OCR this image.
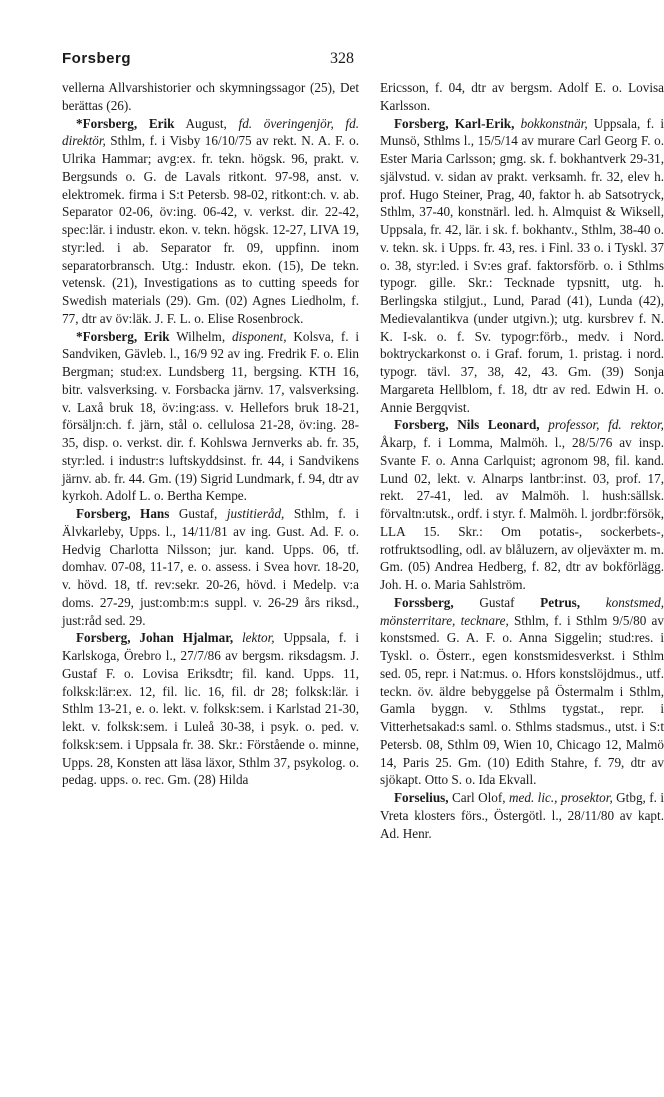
Forsberg	328

vellerna Allvarshistorier och skymningssagor (25), Det berättas (26).

*Forsberg, Erik August, fd. överingenjör, fd. direktör, Sthlm, f. i Visby 16/10/75 av rekt. N. A. F. o. Ulrika Hammar; avg:ex. fr. tekn. högsk. 96, prakt. v. Bergsunds o. G. de Lavals ritkont. 97-98, anst. v. elektromek. firma i S:t Petersb. 98-02, ritkont:ch. v. ab. Separator 02-06, öv:ing. 06-42, v. verkst. dir. 22-42, spec:lär. i industr. ekon. v. tekn. högsk. 12-27, LIVA 19, styr:led. i ab. Separator fr. 09, uppfinn. inom separatorbransch. Utg.: Industr. ekon. (15), De tekn. vetensk. (21), Investigations as to cutting speeds for Swedish materials (29). Gm. (02) Agnes Liedholm, f. 77, dtr av öv:läk. J. F. L. o. Elise Rosenbrock.

*Forsberg, Erik Wilhelm, disponent, Kolsva, f. i Sandviken, Gävleb. l., 16/9 92 av ing. Fredrik F. o. Elin Bergman; stud:ex. Lundsberg 11, bergsing. KTH 16, bitr. valsverksing. v. Forsbacka järnv. 17, valsverksing. v. Laxå bruk 18, öv:ing:ass. v. Hellefors bruk 18-21, försäljn:ch. f. järn, stål o. cellulosa 21-28, öv:ing. 28-35, disp. o. verkst. dir. f. Kohlswa Jernverks ab. fr. 35, styr:led. i industr:s luftskyddsinst. fr. 44, i Sandvikens järnv. ab. fr. 44. Gm. (19) Sigrid Lundmark, f. 94, dtr av kyrkoh. Adolf L. o. Bertha Kempe.

Forsberg, Hans Gustaf, justitieråd, Sthlm, f. i Älvkarleby, Upps. l., 14/11/81 av ing. Gust. Ad. F. o. Hedvig Charlotta Nilsson; jur. kand. Upps. 06, tf. domhav. 07-08, 11-17, e. o. assess. i Svea hovr. 18-20, v. hövd. 18, tf. rev:sekr. 20-26, hövd. i Medelp. v:a doms. 27-29, just:omb:m:s suppl. v. 26-29 års riksd., just:råd sed. 29.

Forsberg, Johan Hjalmar, lektor, Uppsala, f. i Karlskoga, Örebro l., 27/7/86 av bergsm. riksdagsm. J. Gustaf F. o. Lovisa Eriksdtr; fil. kand. Upps. 11, folksk:lär:ex. 12, fil. lic. 16, fil. dr 28; folksk:lär. i Sthlm 13-21, e. o. lekt. v. folksk:sem. i Karlstad 21-30, lekt. v. folksk:sem. i Luleå 30-38, i psyk. o. ped. v. folksk:sem. i Uppsala fr. 38. Skr.: Förstående o. minne, Upps. 28, Konsten att läsa läxor, Sthlm 37, psykolog. o. pedag. upps. o. rec. Gm. (28) Hilda

Ericsson, f. 04, dtr av bergsm. Adolf E. o. Lovisa Karlsson.

Forsberg, Karl-Erik, bokkonstnär, Uppsala, f. i Munsö, Sthlms l., 15/5/14 av murare Carl Georg F. o. Ester Maria Carlsson; gmg. sk. f. bokhantverk 29-31, självstud. v. sidan av prakt. verksamh. fr. 32, elev h. prof. Hugo Steiner, Prag, 40, faktor h. ab Satsotryck, Sthlm, 37-40, konstnärl. led. h. Almquist & Wiksell, Uppsala, fr. 42, lär. i sk. f. bokhantv., Sthlm, 38-40 o. v. tekn. sk. i Upps. fr. 43, res. i Finl. 33 o. i Tyskl. 37 o. 38, styr:led. i Sv:es graf. faktorsförb. o. i Sthlms typogr. gille. Skr.: Tecknade typsnitt, utg. h. Berlingska stilgjut., Lund, Parad (41), Lunda (42), Medievalantikva (under utgivn.); utg. kursbrev f. N. K. I-sk. o. f. Sv. typogr:förb., medv. i Nord. boktryckarkonst o. i Graf. forum, 1. pristag. i nord. typogr. tävl. 37, 38, 42, 43. Gm. (39) Sonja Margareta Hellblom, f. 18, dtr av red. Edwin H. o. Annie Bergqvist.

Forsberg, Nils Leonard, professor, fd. rektor, Åkarp, f. i Lomma, Malmöh. l., 28/5/76 av insp. Svante F. o. Anna Carlquist; agronom 98, fil. kand. Lund 02, lekt. v. Alnarps lantbr:inst. 03, prof. 17, rekt. 27-41, led. av Malmöh. l. hush:sällsk. förvaltn:utsk., ordf. i styr. f. Malmöh. l. jordbr:försök, LLA 15. Skr.: Om potatis-, sockerbets-, rotfruktsodling, odl. av blåluzern, av oljeväxter m. m. Gm. (05) Andrea Hedberg, f. 82, dtr av bokförlägg. Joh. H. o. Maria Sahlström.

Forssberg, Gustaf Petrus, konstsmed, mönsterritare, tecknare, Sthlm, f. i Sthlm 9/5/80 av konstsmed. G. A. F. o. Anna Siggelin; stud:res. i Tyskl. o. Österr., egen konstsmidesverkst. i Sthlm sed. 05, repr. i Nat:mus. o. Hfors konstslöjdmus., utf. teckn. öv. äldre bebyggelse på Östermalm i Sthlm, Gamla byggn. v. Sthlms tygstat., repr. i Vitterhetsakad:s saml. o. Sthlms stadsmus., utst. i S:t Petersb. 08, Sthlm 09, Wien 10, Chicago 12, Malmö 14, Paris 25. Gm. (10) Edith Stahre, f. 79, dtr av sjökapt. Otto S. o. Ida Ekvall.

Forselius, Carl Olof, med. lic., prosektor, Gtbg, f. i Vreta klosters förs., Östergötl. l., 28/11/80 av kapt. Ad. Henr.
